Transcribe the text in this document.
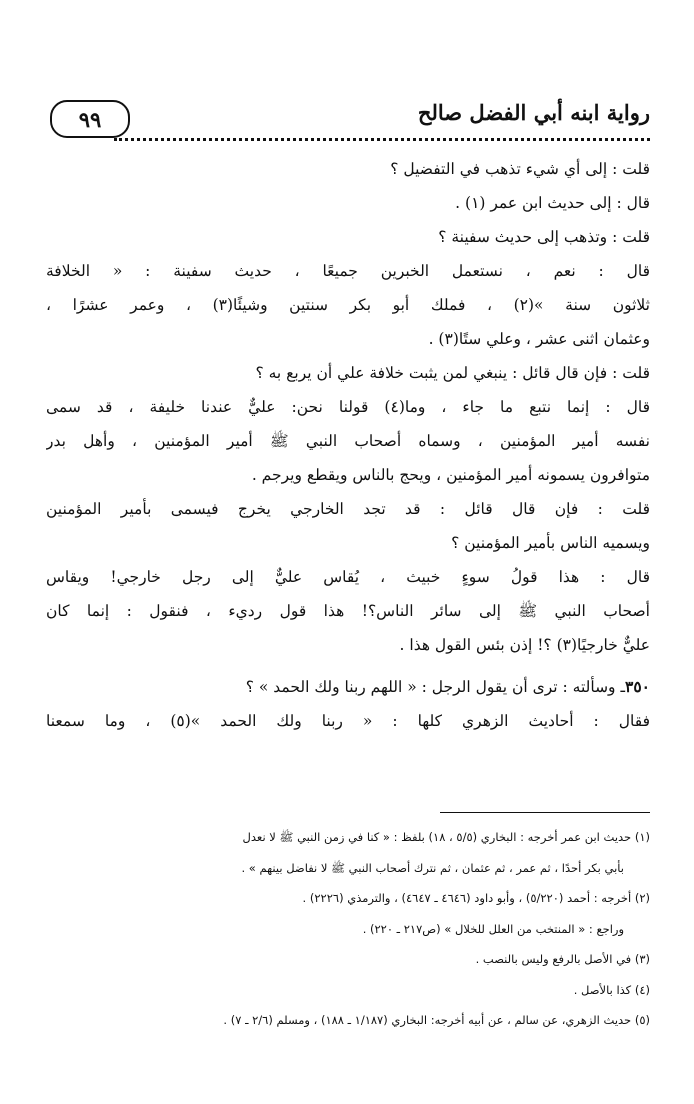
٩٩	رواية ابنه أبي الفضل صالح
قلت : إلى أي شيء تذهب في التفضيل ؟
قال : إلى حديث ابن عمر (١) .
قلت : وتذهب إلى حديث سفينة ؟
قال : نعم ، نستعمل الخبرين جميعًا ، حديث سفينة : « الخلافة
ثلاثون سنة »(٢) ، فملك أبو بكر سنتين وشيئًا(٣) ، وعمر عشرًا ،
وعثمان اثنى عشر ، وعلي ستًا(٣) .
قلت : فإن قال قائل : ينبغي لمن يثبت خلافة علي أن يربع به ؟
قال : إنما نتبع ما جاء ، وما(٤) قولنا نحن: عليٌّ عندنا خليفة ، قد سمى
نفسه أمير المؤمنين ، وسماه أصحاب النبي ﷺ أمير المؤمنين ، وأهل بدر
متوافرون يسمونه أمير المؤمنين ، ويحج بالناس ويقطع ويرجم .
قلت : فإن قال قائل : قد تجد الخارجي يخرج فيسمى بأمير المؤمنين
ويسميه الناس بأمير المؤمنين ؟
قال : هذا قولُ سوءٍ خبيث ، يُقاس عليٌّ إلى رجل خارجي! ويقاس
أصحاب النبي ﷺ إلى سائر الناس؟! هذا قول رديء ، فنقول : إنما كان
عليٌّ خارجيًا(٣) ؟! إذن بئس القول هذا .
٣٥٠ـ وسألته : ترى أن يقول الرجل : « اللهم ربنا ولك الحمد » ؟
فقال : أحاديث الزهري كلها : « ربنا ولك الحمد »(٥) ، وما سمعنا
(١) حديث ابن عمر أخرجه : البخاري (٥/٥ ، ١٨) بلفظ : « كنا في زمن النبي ﷺ لا نعدل
بأبي بكر أحدًا ، ثم عمر ، ثم عثمان ، ثم نترك أصحاب النبي ﷺ لا نفاضل بينهم » .
(٢) أخرجه : أحمد (٥/٢٢٠) ، وأبو داود (٤٦٤٦ ـ ٤٦٤٧) ، والترمذي (٢٢٢٦) .
وراجع : « المنتخب من العلل للخلال » (ص٢١٧ ـ ٢٢٠) .
(٣) في الأصل بالرفع وليس بالنصب .
(٤) كذا بالأصل .
(٥) حديث الزهري، عن سالم ، عن أبيه أخرجه: البخاري (١/١٨٧ ـ ١٨٨) ، ومسلم (٢/٦ ـ ٧) .
